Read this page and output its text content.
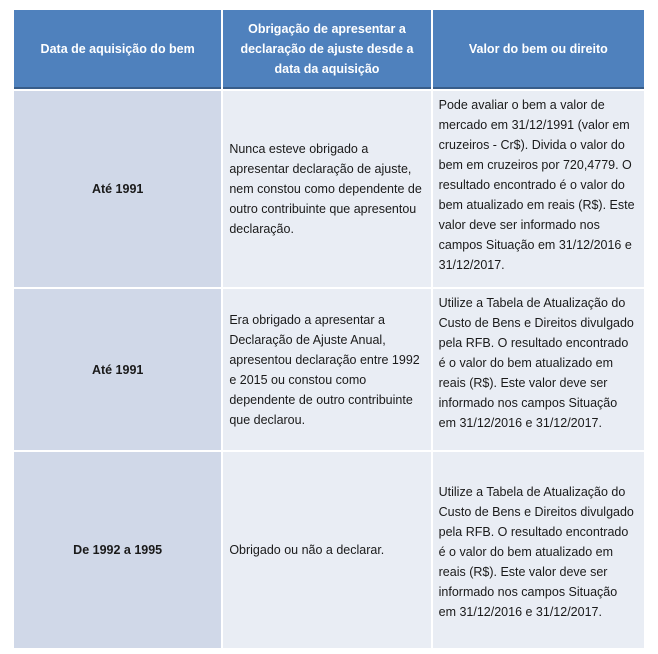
Data de aquisição do bem	Obrigação de apresentar a declaração de ajuste desde a data da aquisição	Valor do bem ou direito
Até 1991	Nunca esteve obrigado a apresentar declaração de ajuste, nem constou como dependente de outro contribuinte que apresentou declaração.	Pode avaliar o bem a valor de mercado em 31/12/1991 (valor em cruzeiros - Cr$). Divida o valor do bem em cruzeiros por 720,4779. O resultado encontrado é o valor do bem atualizado em reais (R$). Este valor deve ser informado nos campos Situação em 31/12/2016 e 31/12/2017.
Até 1991	Era obrigado a apresentar a Declaração de Ajuste Anual, apresentou declaração entre 1992 e 2015 ou constou como dependente de outro contribuinte que declarou.	Utilize a Tabela de Atualização do Custo de Bens e Direitos divulgado pela RFB. O resultado encontrado é o valor do bem atualizado em reais (R$). Este valor deve ser informado nos campos Situação em 31/12/2016 e 31/12/2017.
De 1992 a 1995	Obrigado ou não a declarar.	Utilize a Tabela de Atualização do Custo de Bens e Direitos divulgado pela RFB. O resultado encontrado é o valor do bem atualizado em reais (R$). Este valor deve ser informado nos campos Situação em 31/12/2016 e 31/12/2017.
